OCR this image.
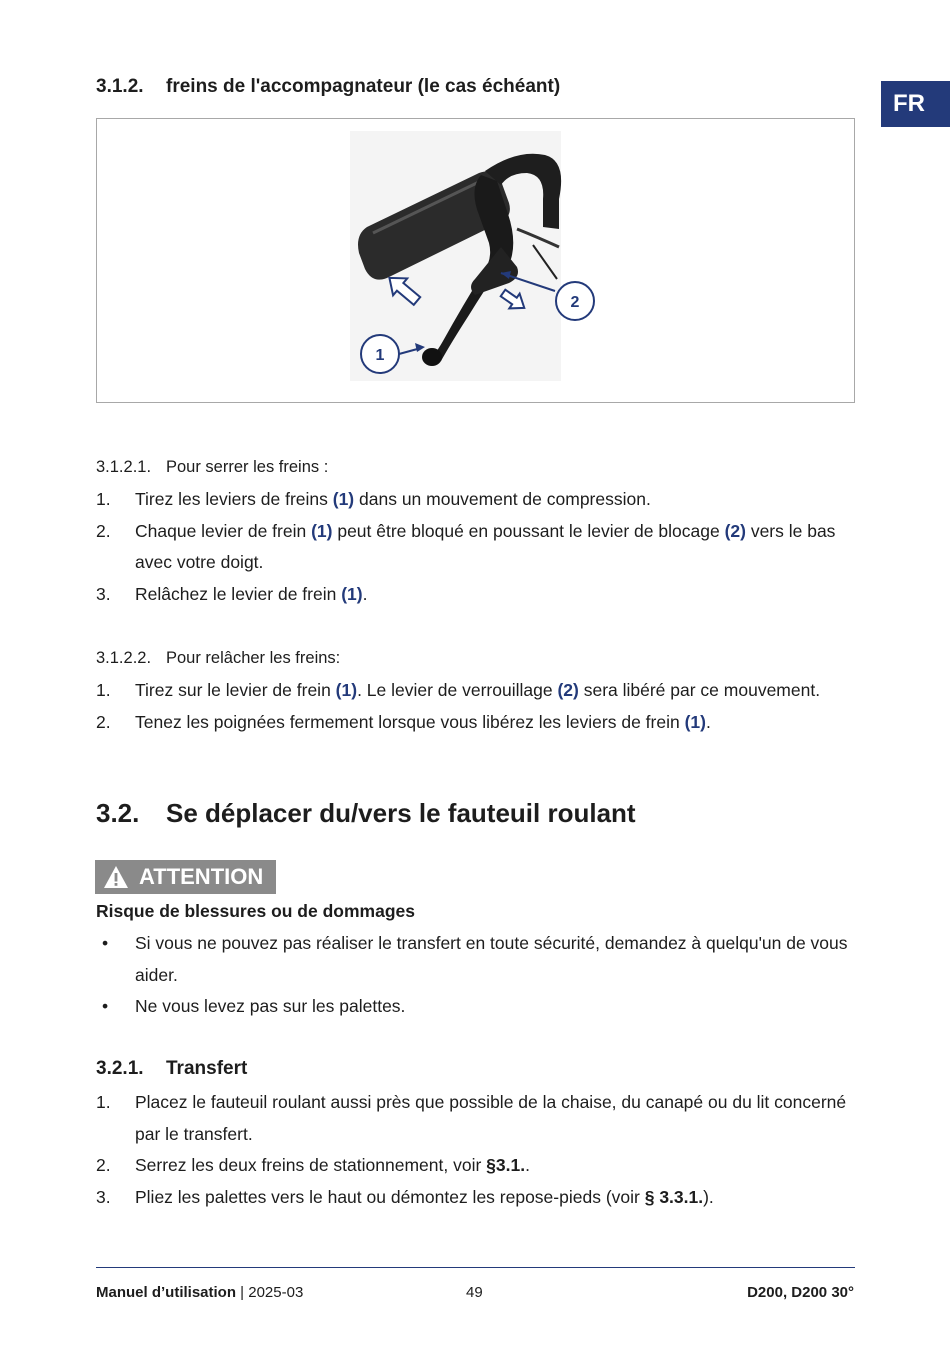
FR
3.1.2. freins de l'accompagnateur (le cas échéant)
1
2
3.1.2.1. Pour serrer les freins :
1. Tirez les leviers de freins (1) dans un mouvement de compression.
2. Chaque levier de frein (1) peut être bloqué en poussant le levier de blocage (2) vers le bas avec votre doigt.
3. Relâchez le levier de frein (1).
3.1.2.2. Pour relâcher les freins:
1. Tirez sur le levier de frein (1). Le levier de verrouillage (2) sera libéré par ce mouvement.
2. Tenez les poignées fermement lorsque vous libérez les leviers de frein (1).
3.2. Se déplacer du/vers le fauteuil roulant
ATTENTION
Risque de blessures ou de dommages
• Si vous ne pouvez pas réaliser le transfert en toute sécurité, demandez à quelqu'un de vous aider.
• Ne vous levez pas sur les palettes.
3.2.1. Transfert
1. Placez le fauteuil roulant aussi près que possible de la chaise, du canapé ou du lit concerné par le transfert.
2. Serrez les deux freins de stationnement, voir §3.1..
3. Pliez les palettes vers le haut ou démontez les repose-pieds (voir § 3.3.1.).
Manuel d’utilisation | 2025-03	49	D200, D200 30°
